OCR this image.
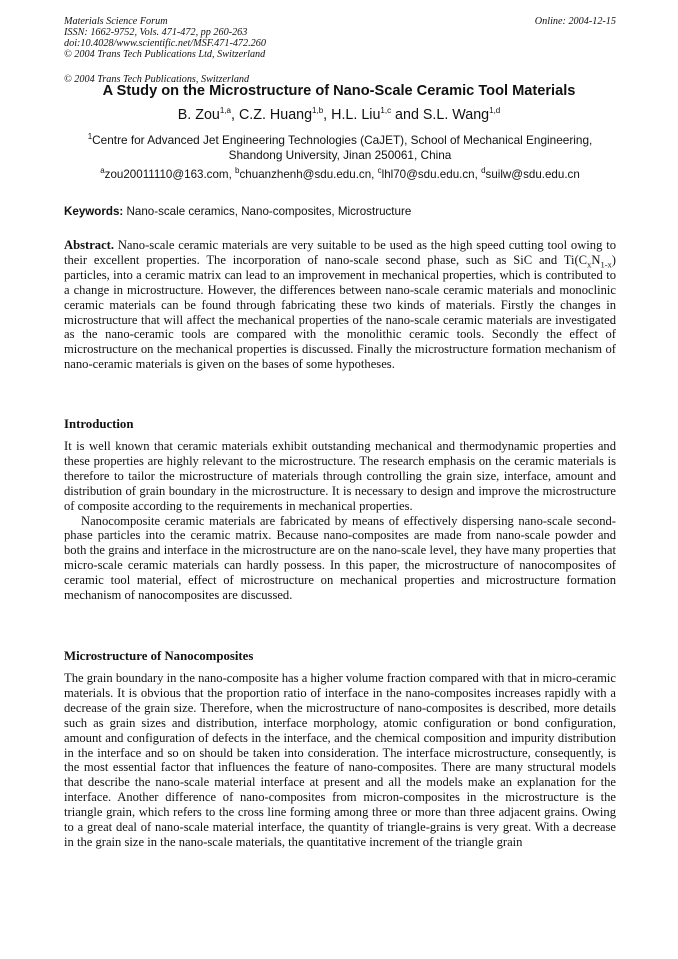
Online: 2004-12-15
Materials Science Forum
ISSN: 1662-9752, Vols. 471-472, pp 260-263
doi:10.4028/www.scientific.net/MSF.471-472.260
© 2004 Trans Tech Publications Ltd, Switzerland
© 2004 Trans Tech Publications, Switzerland
A Study on the Microstructure of Nano-Scale Ceramic Tool Materials
B. Zou$^{1,a}$, C.Z. Huang$^{1,b}$, H.L. Liu$^{1,c}$ and S.L. Wang$^{1,d}$
$^1$Centre for Advanced Jet Engineering Technologies (CaJET), School of Mechanical Engineering, Shandong University, Jinan 250061, China
$^a$zou20011110@163.com, $^b$chuanzhenh@sdu.edu.cn, $^c$lhl70@sdu.edu.cn, $^d$suilw@sdu.edu.cn
Keywords: Nano-scale ceramics, Nano-composites, Microstructure
Abstract. Nano-scale ceramic materials are very suitable to be used as the high speed cutting tool owing to their excellent properties. The incorporation of nano-scale second phase, such as SiC and $Ti(C_xN_{1-x})$ particles, into a ceramic matrix can lead to an improvement in mechanical properties, which is contributed to a change in microstructure. However, the differences between nano-scale ceramic materials and monoclinic ceramic materials can be found through fabricating these two kinds of materials. Firstly the changes in microstructure that will affect the mechanical properties of the nano-scale ceramic materials are investigated as the nano-ceramic tools are compared with the monolithic ceramic tools. Secondly the effect of microstructure on the mechanical properties is discussed. Finally the microstructure formation mechanism of nano-ceramic materials is given on the bases of some hypotheses.
Introduction

It is well known that ceramic materials exhibit outstanding mechanical and thermodynamic properties and these properties are highly relevant to the microstructure. The research emphasis on the ceramic materials is therefore to tailor the microstructure of materials through controlling the grain size, interface, amount and distribution of grain boundary in the microstructure. It is necessary to design and improve the microstructure of composite according to the requirements in mechanical properties.

Nanocomposite ceramic materials are fabricated by means of effectively dispersing nano-scale second-phase particles into the ceramic matrix. Because nano-composites are made from nano-scale powder and both the grains and interface in the microstructure are on the nano-scale level, they have many properties that micro-scale ceramic materials can hardly possess. In this paper, the microstructure of nanocomposites of ceramic tool material, effect of microstructure on mechanical properties and microstructure formation mechanism of nanocomposites are discussed.

Microstructure of Nanocomposites

The grain boundary in the nano-composite has a higher volume fraction compared with that in micro-ceramic materials. It is obvious that the proportion ratio of interface in the nano-composites increases rapidly with a decrease of the grain size. Therefore, when the microstructure of nano-composites is described, more details such as grain sizes and distribution, interface morphology, atomic configuration or bond configuration, amount and configuration of defects in the interface, and the chemical composition and impurity distribution in the interface and so on should be taken into consideration. The interface microstructure, consequently, is the most essential factor that influences the feature of nano-composites. There are many structural models that describe the nano-scale material interface at present and all the models make an explanation for the interface. Another difference of nano-composites from micron-composites in the microstructure is the triangle grain, which refers to the cross line forming among three or more than three adjacent grains. Owing to a great deal of nano-scale material interface, the quantity of triangle-grains is very great. With a decrease in the grain size in the nano-scale materials, the quantitative increment of the triangle grain
